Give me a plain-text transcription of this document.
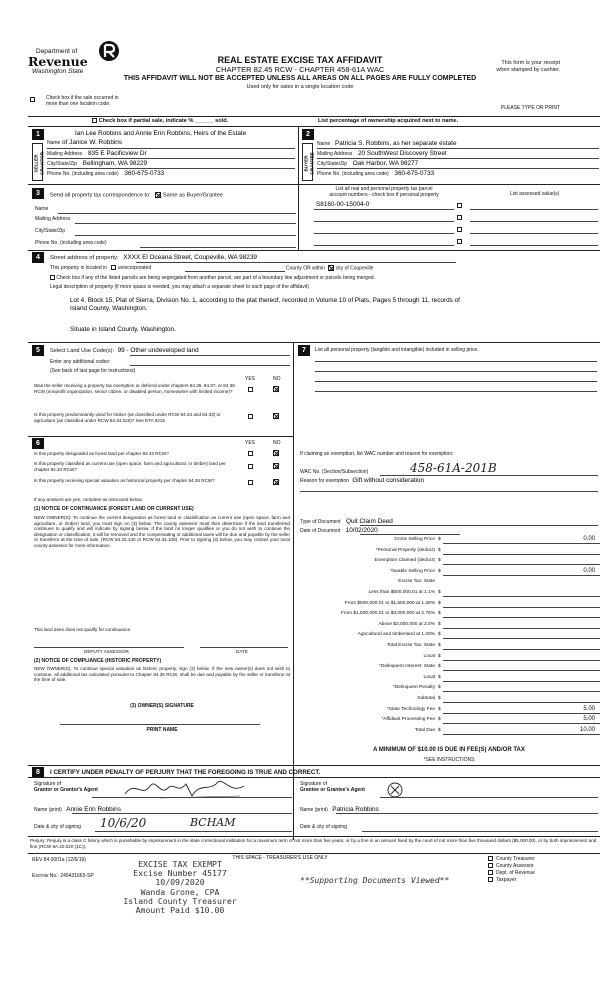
Department of
Revenue
Washington State
REAL ESTATE EXCISE TAX AFFIDAVIT
CHAPTER 82.45 RCW - CHAPTER 458-61A WAC
THIS AFFIDAVIT WILL NOT BE ACCEPTED UNLESS ALL AREAS ON ALL PAGES ARE FULLY COMPLETED
Used only for sales in a single location code
This form is your receipt
when stamped by cashier.
Check box if the sale occurred in
more than one location code.
PLEASE TYPE OR PRINT
Check box if partial sale, indicate % ______ sold.	List percentage of ownership acquired next to name.
1
SELLER GRANTOR
Ian Lee Robbins and Annie Erin Robbins, Heirs of the Estate
Name of Janice W. Robbins
Mailing Address 835 E Pacificview Dr
City/State/Zip Bellingham, WA 98229
Phone No. (including area code) 360-675-0733
2
BUYER GRANTEE
Name Patricia S. Robbins, as her separate estate
Mailing Address 20 SouthWest Discovery Street
City/State/Zip Oak Harbor, WA 98277
Phone No. (including area code) 360-675-0733
3	Send all property tax correspondence to: Same as Buyer/Grantee
Name
Mailing Address
City/State/Zip
Phone No. (including area code)
List all real and personal property tax parcel
account numbers - check box if personal property	List assessed value(s)
S8160-00-15004-0
4	Street address of property: XXXX El Oceana Street, Coupeville, WA 98239
This property is located in unincorporated	County OR within city of Coupeville
Check box if any of the listed parcels are being segregated from another parcel, are part of a boundary line adjustment or parcels being merged.
Legal description of property (if more space is needed, you may attach a separate sheet to each page of the affidavit)
Lot 4, Block 15, Plat of Sierra, Division No. 1, according to the plat thereof, recorded in Volume 10 of Plats, Pages 5 through 11, records of
Island County, Washington.
Situate in Island County, Washington.
5	Select Land Use Code(s): 99 - Other undeveloped land
Enter any additional codes:
(See back of last page for instructions)
YES	NO
Was the seller receiving a property tax exemption or deferral under chapters 84.36, 84.37, or 84.38 RCW (nonprofit organization, senior citizen, or disabled person, homeowner with limited income)?
Is this property predominantly used for timber (as classified under RCW 84.34 and 84.33) or agriculture (as classified under RCW 84.34.020)? See ETA 3215
6	YES	NO
Is this property designated as forest land per chapter 84.33 RCW?
Is this property classified as current use (open space, farm and agricultural, or timber) land per chapter 84.34 RCW?
Is this property receiving special valuation as historical property per chapter 84.26 RCW?
If any answers are yes, complete as instructed below.
(1) NOTICE OF CONTINUANCE (FOREST LAND OR CURRENT USE)
NEW OWNER(S): To continue the current designation as forest land or classification as current use (open space, farm and agriculture, or timber) land, you must sign on (3) below. The county assessor must then determine if the land transferred continues to qualify and will indicate by signing below. If the land no longer qualifies or you do not wish to continue the designation or classification, it will be removed and the compensating or additional taxes will be due and payable by the seller or transferor at the time of sale. (RCW 84.33.140 or RCW 84.34.108). Prior to signing (3) below, you may contact your local county assessor for more information.
This land does does not qualify for continuance.
DEPUTY ASSESSOR	DATE
(2) NOTICE OF COMPLIANCE (HISTORIC PROPERTY)
NEW OWNER(S): To continue special valuation as historic property, sign (3) below. If the new owner(s) does not wish to continue, all additional tax calculated pursuant to Chapter 84.26 RCW, shall be due and payable by the seller or transferor at the time of sale.
(3) OWNER(S) SIGNATURE
PRINT NAME
7	List all personal property (tangible and intangible) included in selling price.
If claiming an exemption, list WAC number and reason for exemption:
WAC No. (Section/Subsection)	458-61A-201B
Reason for exemption Gift without consideration
Type of Document Quit Claim Deed
Date of Document 10/02/2020
Gross Selling Price $	0.00
*Personal Property (deduct) $
Exemption Claimed (deduct) $
Taxable Selling Price $	0.00
Excise Tax: State
Less than $500,000.01 at 1.1% $
From $500,000.01 to $1,500,000 at 1.28% $
From $1,500,000.01 to $3,000,000 at 2.75% $
Above $3,000,000 at 3.0% $
Agricultural and timberland at 1.28% $
Total Excise Tax: State $
Local $
*Delinquent Interest: State $
Local $
*Delinquent Penalty $
Subtotal $
*State Technology Fee $	5.00
*Affidavit Processing Fee $	5.00
Total Due $	10.00
A MINIMUM OF $10.00 IS DUE IN FEE(S) AND/OR TAX
*SEE INSTRUCTIONS
8	I CERTIFY UNDER PENALTY OF PERJURY THAT THE FOREGOING IS TRUE AND CORRECT.
Signature of
Grantor or Grantor's Agent
Name (print) Annie Erin Robbins
Date & city of signing 10/6/20	BCHAM
Signature of
Grantee or Grantee's Agent
Name (print) Patricia Robbins
Date & city of signing
Perjury: Perjury is a class C felony which is punishable by imprisonment in the state correctional institution for a maximum term of not more than five years, or by a fine in an amount fixed by the court of not more than five thousand dollars ($5,000.00), or by both imprisonment and fine (RCW 9A.20.020 (1C)).
REV 84 0001a (12/6/19)	THIS SPACE - TREASURER'S USE ONLY
Escrow No.: 245431665-SP
EXCISE TAX EXEMPT
Excise Number 45177
10/09/2020
Wanda Grone, CPA
Island County Treasurer
Amount Paid $10.00
**Supporting Documents Viewed**
County Treasurer
County Assessor
Dept. of Revenue
Taxpayer
